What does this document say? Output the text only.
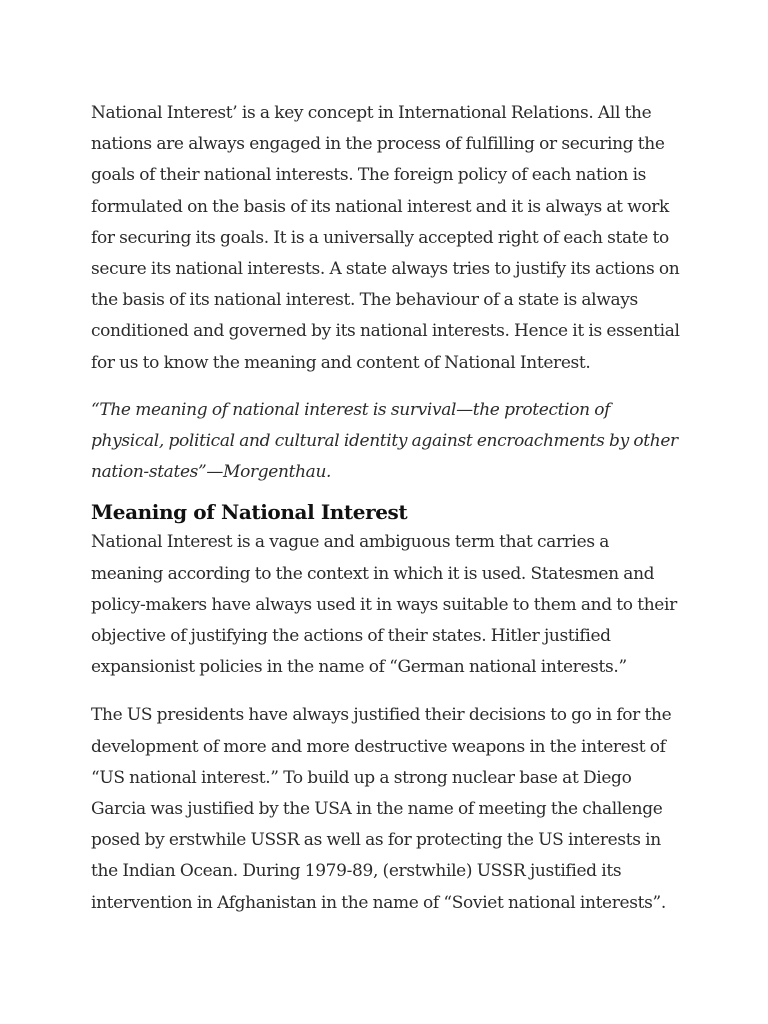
National Interest’ is a key concept in International Relations. All the nations are always engaged in the process of fulfilling or securing the goals of their national interests. The foreign policy of each nation is formulated on the basis of its national interest and it is always at work for securing its goals. It is a universally accepted right of each state to secure its national interests. A state always tries to justify its actions on the basis of its national interest. The behaviour of a state is always conditioned and governed by its national interests. Hence it is essential for us to know the meaning and content of National Interest.

“The meaning of national interest is survival—the protection of physical, political and cultural identity against encroachments by other nation-states”—Morgenthau.

Meaning of National Interest

National Interest is a vague and ambiguous term that carries a meaning according to the context in which it is used. Statesmen and policy-makers have always used it in ways suitable to them and to their objective of justifying the actions of their states. Hitler justified expansionist policies in the name of “German national interests.”

The US presidents have always justified their decisions to go in for the development of more and more destructive weapons in the interest of “US national interest.” To build up a strong nuclear base at Diego Garcia was justified by the USA in the name of meeting the challenge posed by erstwhile USSR as well as for protecting the US interests in the Indian Ocean. During 1979-89, (erstwhile) USSR justified its intervention in Afghanistan in the name of “Soviet national interests”.
